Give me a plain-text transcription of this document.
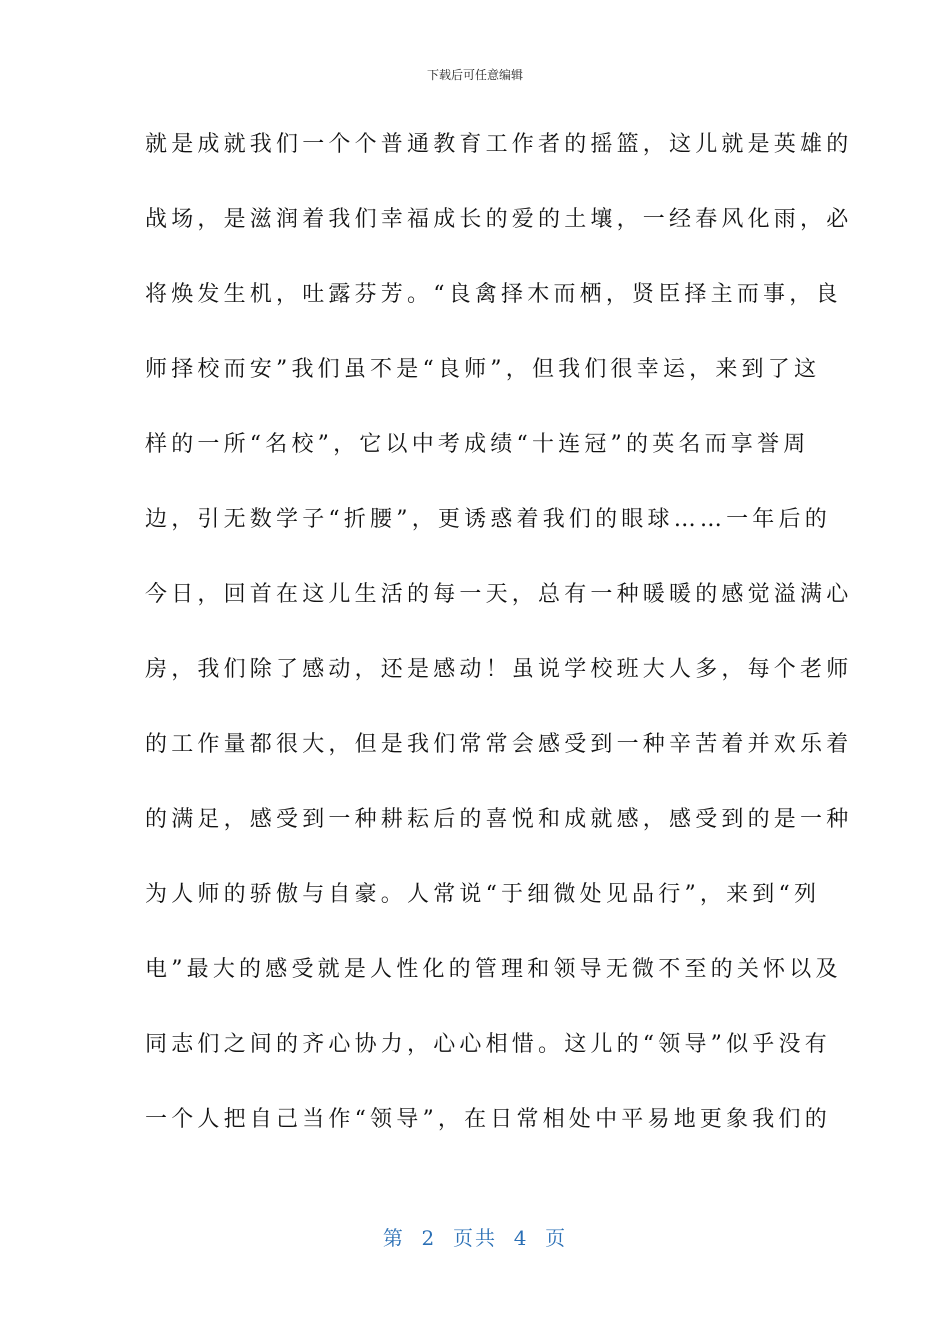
下载后可任意编辑
就是成就我们一个个普通教育工作者的摇篮，这儿就是英雄的
战场，是滋润着我们幸福成长的爱的土壤，一经春风化雨，必
将焕发生机，吐露芬芳。“良禽择木而栖，贤臣择主而事，良
师择校而安”我们虽不是“良师”，但我们很幸运，来到了这
样的一所“名校”，它以中考成绩“十连冠”的英名而享誉周
边，引无数学子“折腰”，更诱惑着我们的眼球……一年后的
今日，回首在这儿生活的每一天，总有一种暖暖的感觉溢满心
房，我们除了感动，还是感动！虽说学校班大人多，每个老师
的工作量都很大，但是我们常常会感受到一种辛苦着并欢乐着
的满足，感受到一种耕耘后的喜悦和成就感，感受到的是一种
为人师的骄傲与自豪。人常说“于细微处见品行”，来到“列
电”最大的感受就是人性化的管理和领导无微不至的关怀以及
同志们之间的齐心协力，心心相惜。这儿的“领导”似乎没有
一个人把自己当作“领导”，在日常相处中平易地更象我们的
第  2  页共  4  页
